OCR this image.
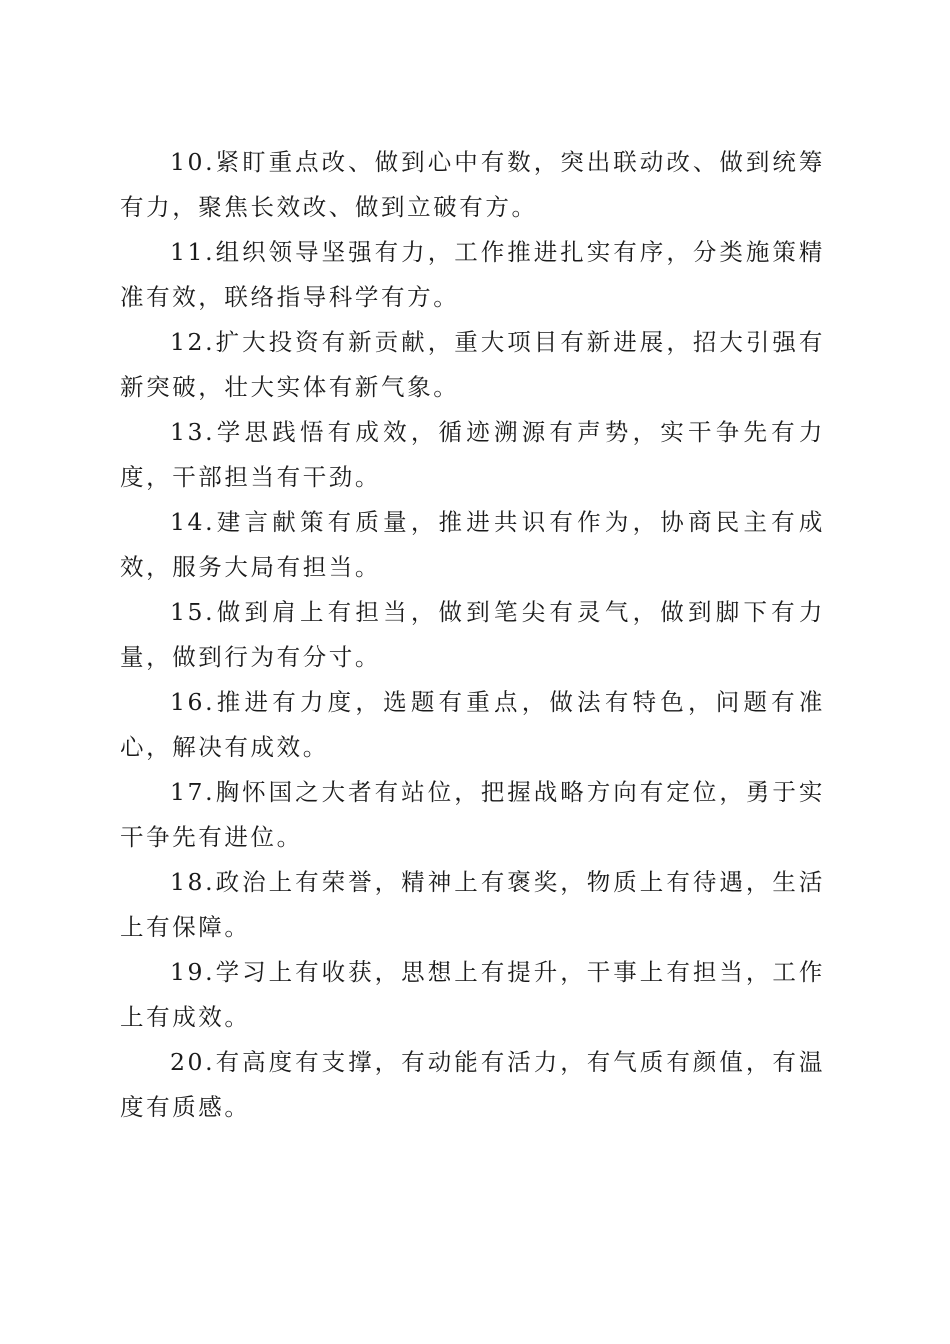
10.紧盯重点改、做到心中有数，突出联动改、做到统筹有力，聚焦长效改、做到立破有方。

11.组织领导坚强有力，工作推进扎实有序，分类施策精准有效，联络指导科学有方。

12.扩大投资有新贡献，重大项目有新进展，招大引强有新突破，壮大实体有新气象。

13.学思践悟有成效，循迹溯源有声势，实干争先有力度，干部担当有干劲。

14.建言献策有质量，推进共识有作为，协商民主有成效，服务大局有担当。

15.做到肩上有担当，做到笔尖有灵气，做到脚下有力量，做到行为有分寸。

16.推进有力度，选题有重点，做法有特色，问题有准心，解决有成效。

17.胸怀国之大者有站位，把握战略方向有定位，勇于实干争先有进位。

18.政治上有荣誉，精神上有褒奖，物质上有待遇，生活上有保障。

19.学习上有收获，思想上有提升，干事上有担当，工作上有成效。

20.有高度有支撑，有动能有活力，有气质有颜值，有温度有质感。
